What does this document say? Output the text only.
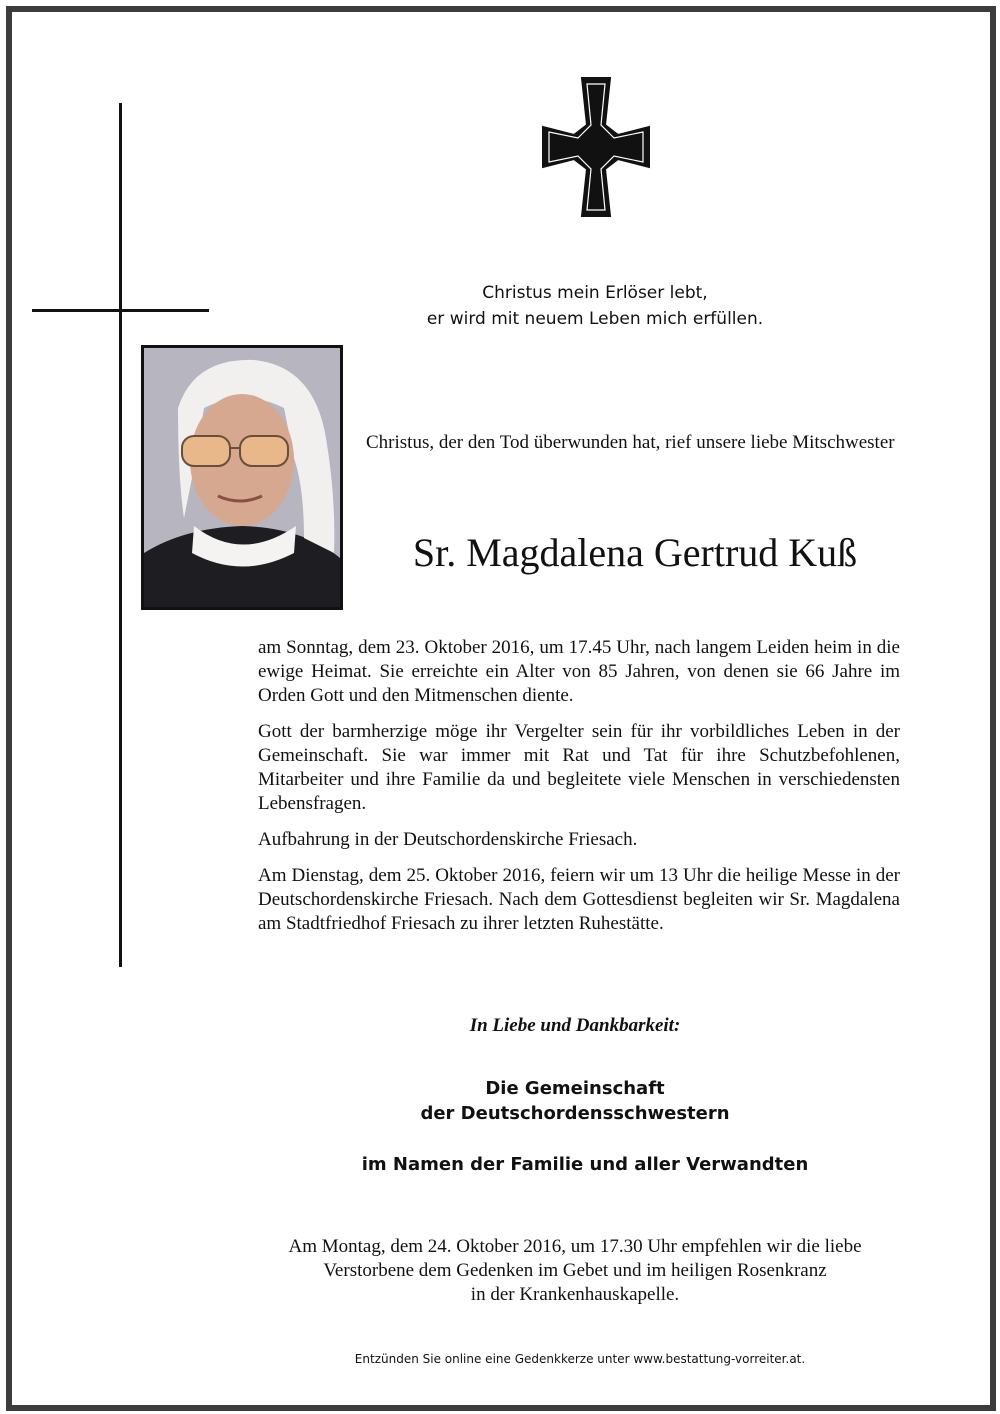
Christus mein Erlöser lebt,
er wird mit neuem Leben mich erfüllen.
Christus, der den Tod überwunden hat, rief unsere liebe Mitschwester
Sr. Magdalena Gertrud Kuß

am Sonntag, dem 23. Oktober 2016, um 17.45 Uhr, nach langem Leiden heim in die ewige Heimat. Sie erreichte ein Alter von 85 Jahren, von denen sie 66 Jahre im Orden Gott und den Mitmenschen diente.

Gott der barmherzige möge ihr Vergelter sein für ihr vorbildliches Leben in der Gemeinschaft. Sie war immer mit Rat und Tat für ihre Schutzbefohlenen, Mitarbeiter und ihre Familie da und begleitete viele Menschen in verschiedensten Lebensfragen.

Aufbahrung in der Deutschordenskirche Friesach.

Am Dienstag, dem 25. Oktober 2016, feiern wir um 13 Uhr die heilige Messe in der Deutschordenskirche Friesach. Nach dem Gottesdienst begleiten wir Sr. Magdalena am Stadtfriedhof Friesach zu ihrer letzten Ruhestätte.

In Liebe und Dankbarkeit:
Die Gemeinschaft
der Deutschordensschwestern
im Namen der Familie und aller Verwandten
Am Montag, dem 24. Oktober 2016, um 17.30 Uhr empfehlen wir die liebe
Verstorbene dem Gedenken im Gebet und im heiligen Rosenkranz
in der Krankenhauskapelle.
Entzünden Sie online eine Gedenkkerze unter www.bestattung-vorreiter.at.
